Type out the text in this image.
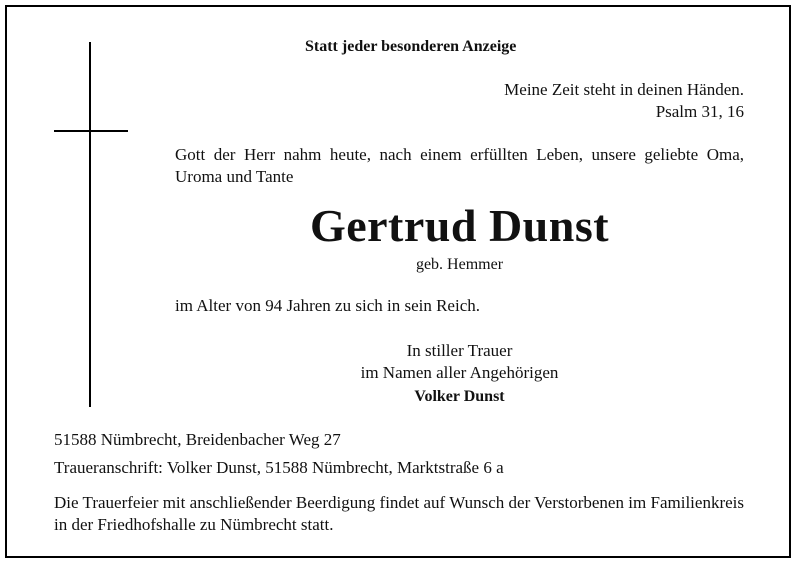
Statt jeder besonderen Anzeige
Meine Zeit steht in deinen Händen.
Psalm 31, 16
Gott der Herr nahm heute, nach einem erfüllten Leben, unsere geliebte Oma, Uroma und Tante
Gertrud Dunst
geb. Hemmer
im Alter von 94 Jahren zu sich in sein Reich.
In stiller Trauer
im Namen aller Angehörigen
Volker Dunst
51588 Nümbrecht, Breidenbacher Weg 27
Traueranschrift: Volker Dunst, 51588 Nümbrecht, Marktstraße 6 a
Die Trauerfeier mit anschließender Beerdigung findet auf Wunsch der Verstorbenen im Familienkreis in der Friedhofshalle zu Nümbrecht statt.
